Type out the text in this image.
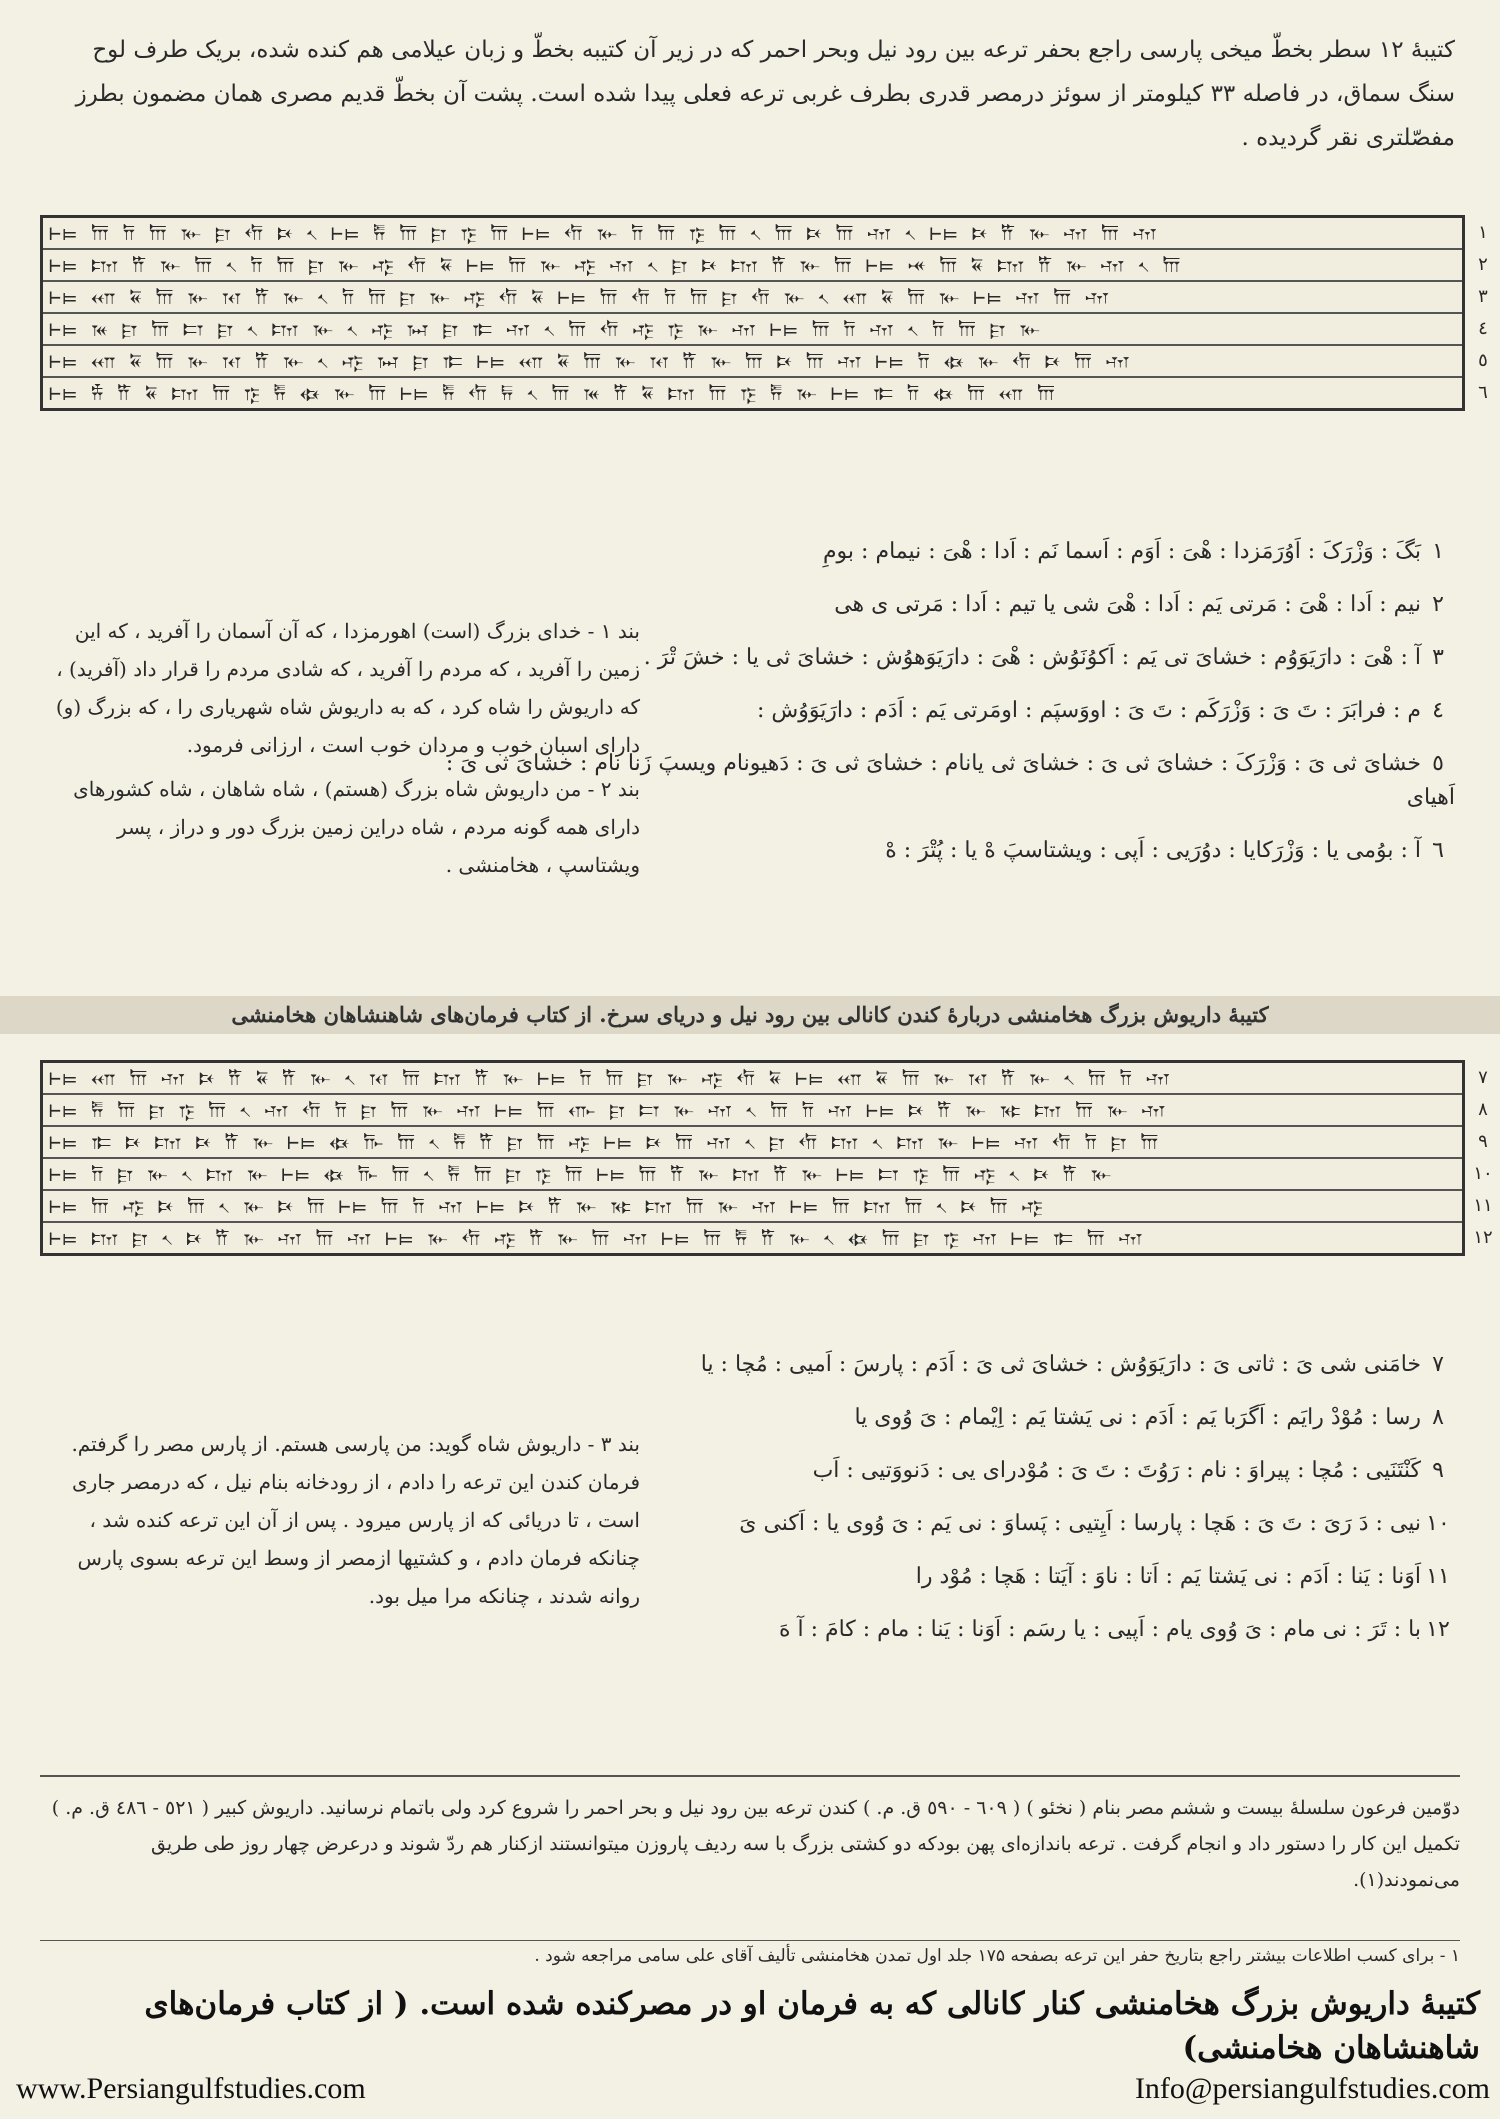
کتیبهٔ ۱۲ سطر بخطّ میخی پارسی راجع بحفر ترعه بین رود نیل وبحر احمر که در زیر آن کتیبه بخطّ و زبان عیلامی هم کنده شده، بریک طرف لوح سنگ سماق، در فاصله ۳۳ کیلومتر از سوئز درمصر قدری بطرف غربی ترعه فعلی پیدا شده است. پشت آن بخطّ قدیم مصری همان مضمون بطرز مفصّلتری نقر گردیده .
⊢⊨ 𐎠 𐎭 𐎠 𐎹 𐎼 𐎢 𐎴 𐏐 ⊢⊨ 𐎱 𐎠 𐎼 𐎿 𐎠 ⊢⊨ 𐎢 𐎹 𐎭 𐎠 𐎿 𐎠 𐏐 𐎠 𐎴 𐎠 𐎶 𐏐 ⊢⊨ 𐎴 𐎡 𐎹 𐎶 𐎠 𐎶
⊢⊨ 𐎫 𐎡 𐎹 𐎠 𐏐 𐎭 𐎠 𐎼 𐎹 𐎺 𐎢 𐏁 ⊢⊨ 𐎠 𐎹 𐎺 𐎶 𐏐 𐎼 𐎴 𐎫 𐎡 𐎹 𐎠 ⊢⊨ 𐎽 𐎠 𐏁 𐎫 𐎡 𐎹 𐎶 𐏐 𐎠
⊢⊨ 𐎧 𐏁 𐎠 𐎹 𐎰 𐎡 𐎹 𐏐 𐎭 𐎠 𐎼 𐎹 𐎺 𐎢 𐏁 ⊢⊨ 𐎠 𐎢 𐎭 𐎠 𐎼 𐎢 𐎹 𐏐 𐎧 𐏁 𐎠 𐎹 ⊢⊨ 𐎶 𐎠 𐎶
⊢⊨ 𐎳 𐎼 𐎠 𐎲 𐎼 𐏐 𐎫 𐎹 𐏐 𐎺 𐏀 𐎼 𐎣 𐎶 𐏐 𐎠 𐎢 𐎺 𐎿 𐎹 𐎶 ⊢⊨ 𐎠 𐎭 𐎶 𐏐 𐎭 𐎠 𐎼 𐎹
⊢⊨ 𐎧 𐏁 𐎠 𐎹 𐎰 𐎡 𐎹 𐏐 𐎺 𐏀 𐎼 𐎣 ⊢⊨ 𐎧 𐏁 𐎠 𐎹 𐎰 𐎡 𐎹 𐎠 𐎴 𐎠 𐎶 ⊢⊨ 𐎭 𐏃 𐎹 𐎢 𐎴 𐎠 𐎶
⊢⊨ 𐎻 𐎡 𐏁 𐎫 𐎠 𐎿 𐎱 𐏃 𐎹 𐎠 ⊢⊨ 𐎱 𐎢 𐏂 𐏐 𐎠 𐎳 𐎡 𐏁 𐎫 𐎠 𐎿 𐎱 𐎹 ⊢⊨ 𐎣 𐎭 𐏃 𐎠 𐎧 𐎠
۱
۲
۳
٤
٥
٦
۱بَگَ : وَزْرَکَ : اَوُرَمَزدا : هْیَ : اَوَم : اَسما نَم : اَدا : هْیَ : نیمام : بومِ
۲نیم : اَدا : هْیَ : مَرتی یَم : اَدا : هْیَ شی یا تیم : اَدا : مَرتی ی هی
۳آ : هْیَ : دارَیَوَوُم : خشایَ تی یَم : اَکوُنَوُش : هْیَ : دارَیَوَهوُش : خشایَ ثی یا : خشَ تْرَ .
٤م : فرابَرَ : تَ یَ : وَزْرَکَم : تَ یَ : اووَسپَم : اومَرتی یَم : اَدَم : دارَیَوَوُش :
٥خشایَ ثی یَ : وَزْرَکَ : خشایَ ثی یَ : خشایَ ثی یانام : خشایَ ثی یَ : دَهیونام ویسپَ زَنا نام : خشایَ ثی یَ : اَهیای
٦آ : بوُمی یا : وَزْرَکایا : دوُرَیی : اَپی : ویشتاسپَ هْ یا : پُتْرَ : هْ
بند ۱ - خدای بزرگ (است) اهورمزدا ، که آن آسمان را آفرید ، که این زمین را آفرید ، که مردم را آفرید ، که شادی مردم را قرار داد (آفرید) ، که داریوش را شاه کرد ، که به داریوش شاه شهریاری را ، که بزرگ (و) دارای اسبان خوب و مردان خوب است ، ارزانی فرمود.
بند ۲ - من داریوش شاه بزرگ (هستم) ، شاه شاهان ، شاه کشورهای دارای همه گونه مردم ، شاه دراین زمین بزرگ دور و دراز ، پسر ویشتاسپ ، هخامنشی .
کتیبهٔ داریوش بزرگ هخامنشی دربارهٔ کندن کانالی بین رود نیل و دریای سرخ. از کتاب فرمان‌های شاهنشاهان هخامنشی
⊢⊨ 𐎧 𐎠 𐎶 𐎴 𐎡 𐏁 𐎡 𐎹 𐏐 𐎰 𐎠 𐎫 𐎡 𐎹 ⊢⊨ 𐎭 𐎠 𐎼 𐎹 𐎺 𐎢 𐏁 ⊢⊨ 𐎧 𐏁 𐎠 𐎹 𐎰 𐎡 𐎹 𐏐 𐎠 𐎭 𐎶
⊢⊨ 𐎱 𐎠 𐎼 𐎿 𐎠 𐏐 𐎶 𐎢 𐎭 𐎼 𐎠 𐎹 𐎶 ⊢⊨ 𐎠 𐎥 𐎼 𐎲 𐎹 𐎶 𐏐 𐎠 𐎭 𐎶 ⊢⊨ 𐎴 𐎡 𐎹 𐎷 𐎫 𐎠 𐎹 𐎶
⊢⊨ 𐎣 𐎴 𐎫 𐎴 𐎡 𐎹 ⊢⊨ 𐏃 𐎨 𐎠 𐏐 𐎱 𐎡 𐎼 𐎠 𐎺 ⊢⊨ 𐎴 𐎠 𐎶 𐏐 𐎼 𐎢 𐎫 𐏐 𐎫 𐎹 ⊢⊨ 𐎶 𐎢 𐎭 𐎼 𐎠
⊢⊨ 𐎭 𐎼 𐎹 𐏐 𐎫 𐎹 ⊢⊨ 𐏃 𐎨 𐎠 𐏐 𐎱 𐎠 𐎼 𐎿 𐎠 ⊢⊨ 𐎠 𐎡 𐎹 𐎫 𐎡 𐎹 ⊢⊨ 𐎲 𐎿 𐎠 𐎺 𐏐 𐎴 𐎡 𐎹
⊢⊨ 𐎠 𐎺 𐎴 𐎠 𐏐 𐎹 𐎴 𐎠 ⊢⊨ 𐎠 𐎭 𐎶 ⊢⊨ 𐎴 𐎡 𐎹 𐎷 𐎫 𐎠 𐎹 𐎶 ⊢⊨ 𐎠 𐎫 𐎠 𐏐 𐎴 𐎠 𐎺
⊢⊨ 𐎫 𐎼 𐏐 𐎴 𐎡 𐎹 𐎶 𐎠 𐎶 ⊢⊨ 𐎹 𐎢 𐎺 𐎡 𐎹 𐎠 𐎶 ⊢⊨ 𐎠 𐎱 𐎡 𐎹 𐏐 𐏃 𐎠 𐎼 𐎿 𐎶 ⊢⊨ 𐎣 𐎠 𐎶
۷
۸
۹
۱۰
۱۱
۱۲
۷خامَنی شی یَ : ثاتی یَ : دارَیَوَوُش : خشایَ ثی یَ : اَدَم : پارسَ : اَمیی : مُچا : یا
۸رسا : مُوْدْ رایَم : اَگرَبا یَم : اَدَم : نی یَشتا یَم : اِیْمام : یَ وُوی یا
۹کَنْتَنَیی : مُچا : پیراوَ : نام : رَوُتَ : تَ یَ : مُوْدرای یی : دَنووَتیی : اَب
۱۰نیی : دَ رَیَ : تَ یَ : هَچا : پارسا : اَیِتیی : پَساوَ : نی یَم : یَ وُوی یا : اَکنی یَ
۱۱اَوَنا : یَنا : اَدَم : نی یَشتا یَم : اَتا : ناوَ : آیَتا : هَچا : مُوْد را
۱۲با : تَرَ : نی مام : یَ وُوی یام : اَپیی : یا رسَم : اَوَنا : یَنا : مام : کامَ : آ هَ
بند ۳ - داریوش شاه گوید: من پارسی هستم. از پارس مصر را گرفتم. فرمان کندن این ترعه را دادم ، از رودخانه بنام نیل ، که درمصر جاری است ، تا دریائی که از پارس میرود . پس از آن این ترعه کنده شد ، چنانکه فرمان دادم ، و کشتیها ازمصر از وسط این ترعه بسوی پارس روانه شدند ، چنانکه مرا میل بود.
دوّمین فرعون سلسلهٔ بیست و ششم مصر بنام ( نخئو ) ( ٦٠٩ - ٥٩٠ ق. م. ) کندن ترعه بین رود نیل و بحر احمر را شروع کرد ولی باتمام نرسانید. داریوش کبیر ( ٥٢١ - ٤٨٦ ق. م. ) تکمیل این کار را دستور داد و انجام گرفت . ترعه باندازه‌ای پهن بودکه دو کشتی بزرگ با سه ردیف پاروزن میتوانستند ازکنار هم ردّ شوند و درعرض چهار روز طی طریق می‌نمودند(۱).
۱ - برای کسب اطلاعات بیشتر راجع بتاریخ حفر این ترعه بصفحه ۱۷۵ جلد اول تمدن هخامنشی تألیف آقای علی سامی مراجعه شود .
کتیبهٔ داریوش بزرگ هخامنشی کنار کانالی که به فرمان او در مصرکنده شده است. ( از کتاب فرمان‌های شاهنشاهان هخامنشی)
www.Persiangulfstudies.com	Info@persiangulfstudies.com
